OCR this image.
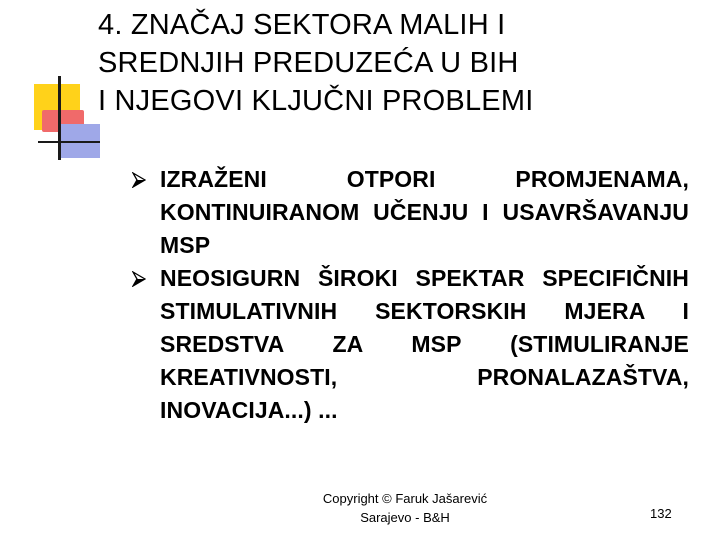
4. ZNAČAJ SEKTORA MALIH I
SREDNJIH PREDUZEĆA U BIH
I NJEGOVI KLJUČNI PROBLEMI
IZRAŽENI OTPORI PROMJENAMA, KONTINUIRANOM UČENJU I USAVRŠAVANJU MSP
NEOSIGURN ŠIROKI SPEKTAR SPECIFIČNIH STIMULATIVNIH SEKTORSKIH MJERA I SREDSTVA ZA MSP (STIMULIRANJE KREATIVNOSTI, PRONALAZAŠTVA, INOVACIJA...) ...
Copyright © Faruk Jašarević
Sarajevo - B&H	132
